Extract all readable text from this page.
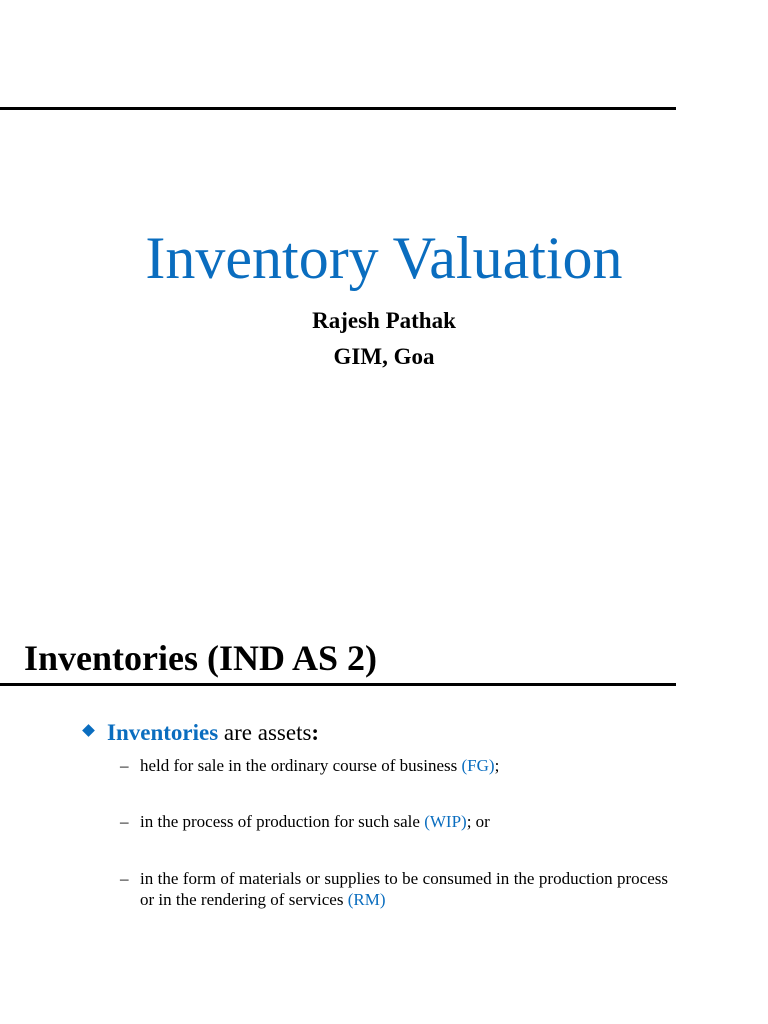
Inventory Valuation
Rajesh Pathak
GIM, Goa
Inventories (IND AS 2)
Inventories
are assets :
– held for sale in the ordinary course of business (FG);
– in the process of production for such sale (WIP); or
– in the form of materials or supplies to be consumed in the production process or in the rendering of services (RM)
